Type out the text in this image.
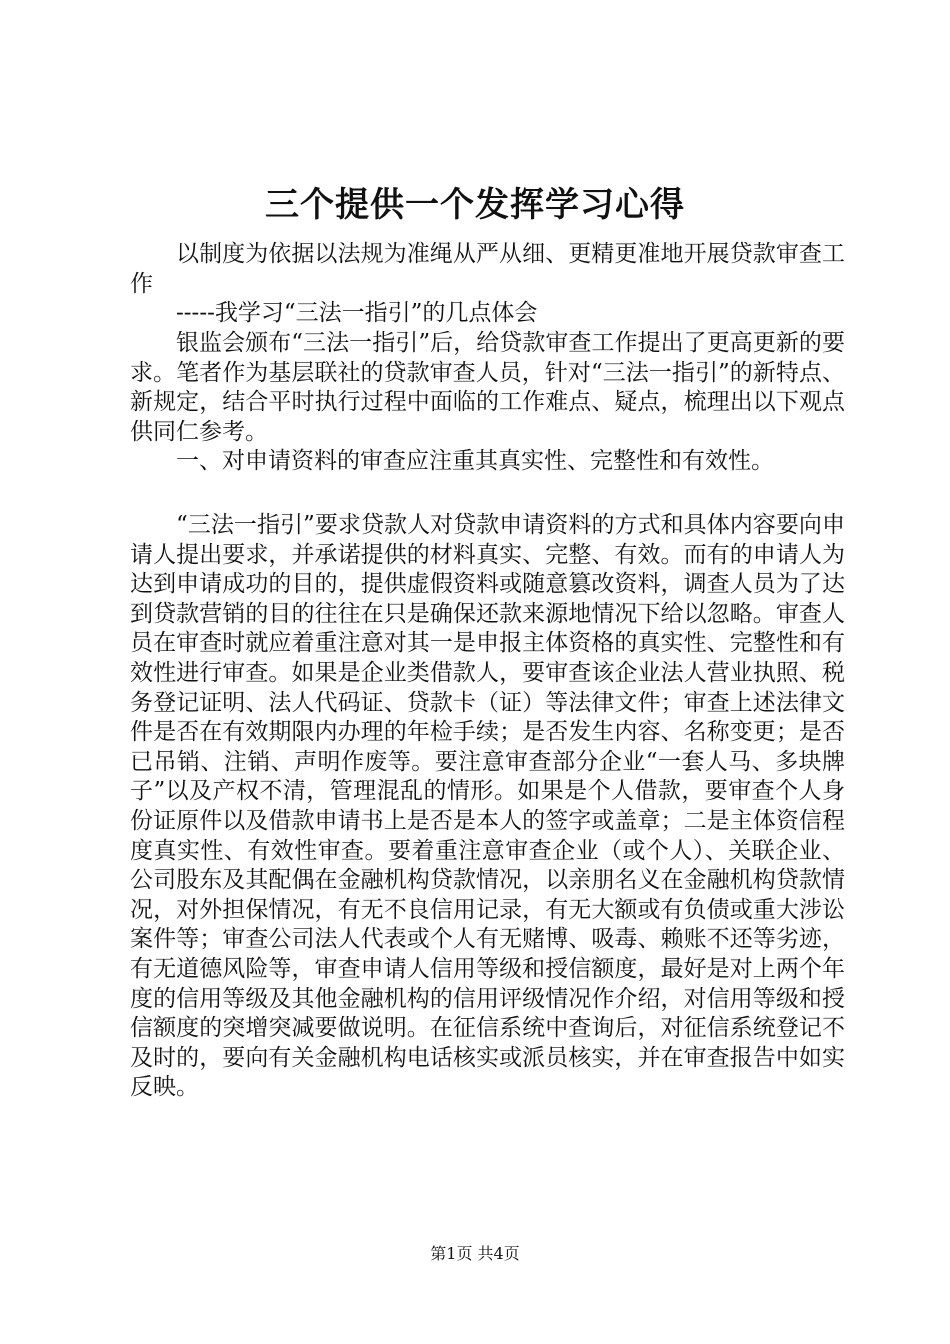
三个提供一个发挥学习心得

以制度为依据以法规为准绳从严从细、更精更准地开展贷款审查工作

-----我学习“三法一指引”的几点体会

银监会颁布“三法一指引”后，给贷款审查工作提出了更高更新的要求。笔者作为基层联社的贷款审查人员，针对“三法一指引”的新特点、新规定，结合平时执行过程中面临的工作难点、疑点，梳理出以下观点供同仁参考。

一、对申请资料的审查应注重其真实性、完整性和有效性。

“三法一指引”要求贷款人对贷款申请资料的方式和具体内容要向申请人提出要求，并承诺提供的材料真实、完整、有效。而有的申请人为达到申请成功的目的，提供虚假资料或随意篡改资料，调查人员为了达到贷款营销的目的往往在只是确保还款来源地情况下给以忽略。审查人员在审查时就应着重注意对其一是申报主体资格的真实性、完整性和有效性进行审查。如果是企业类借款人，要审查该企业法人营业执照、税务登记证明、法人代码证、贷款卡（证）等法律文件；审查上述法律文件是否在有效期限内办理的年检手续；是否发生内容、名称变更；是否已吊销、注销、声明作废等。要注意审查部分企业“一套人马、多块牌子”以及产权不清，管理混乱的情形。如果是个人借款，要审查个人身份证原件以及借款申请书上是否是本人的签字或盖章；二是主体资信程度真实性、有效性审查。要着重注意审查企业（或个人）、关联企业、公司股东及其配偶在金融机构贷款情况，以亲朋名义在金融机构贷款情况，对外担保情况，有无不良信用记录，有无大额或有负债或重大涉讼案件等；审查公司法人代表或个人有无赌博、吸毒、赖账不还等劣迹，有无道德风险等，审查申请人信用等级和授信额度，最好是对上两个年度的信用等级及其他金融机构的信用评级情况作介绍，对信用等级和授信额度的突增突减要做说明。在征信系统中查询后，对征信系统登记不及时的，要向有关金融机构电话核实或派员核实，并在审查报告中如实反映。

第1页 共4页
